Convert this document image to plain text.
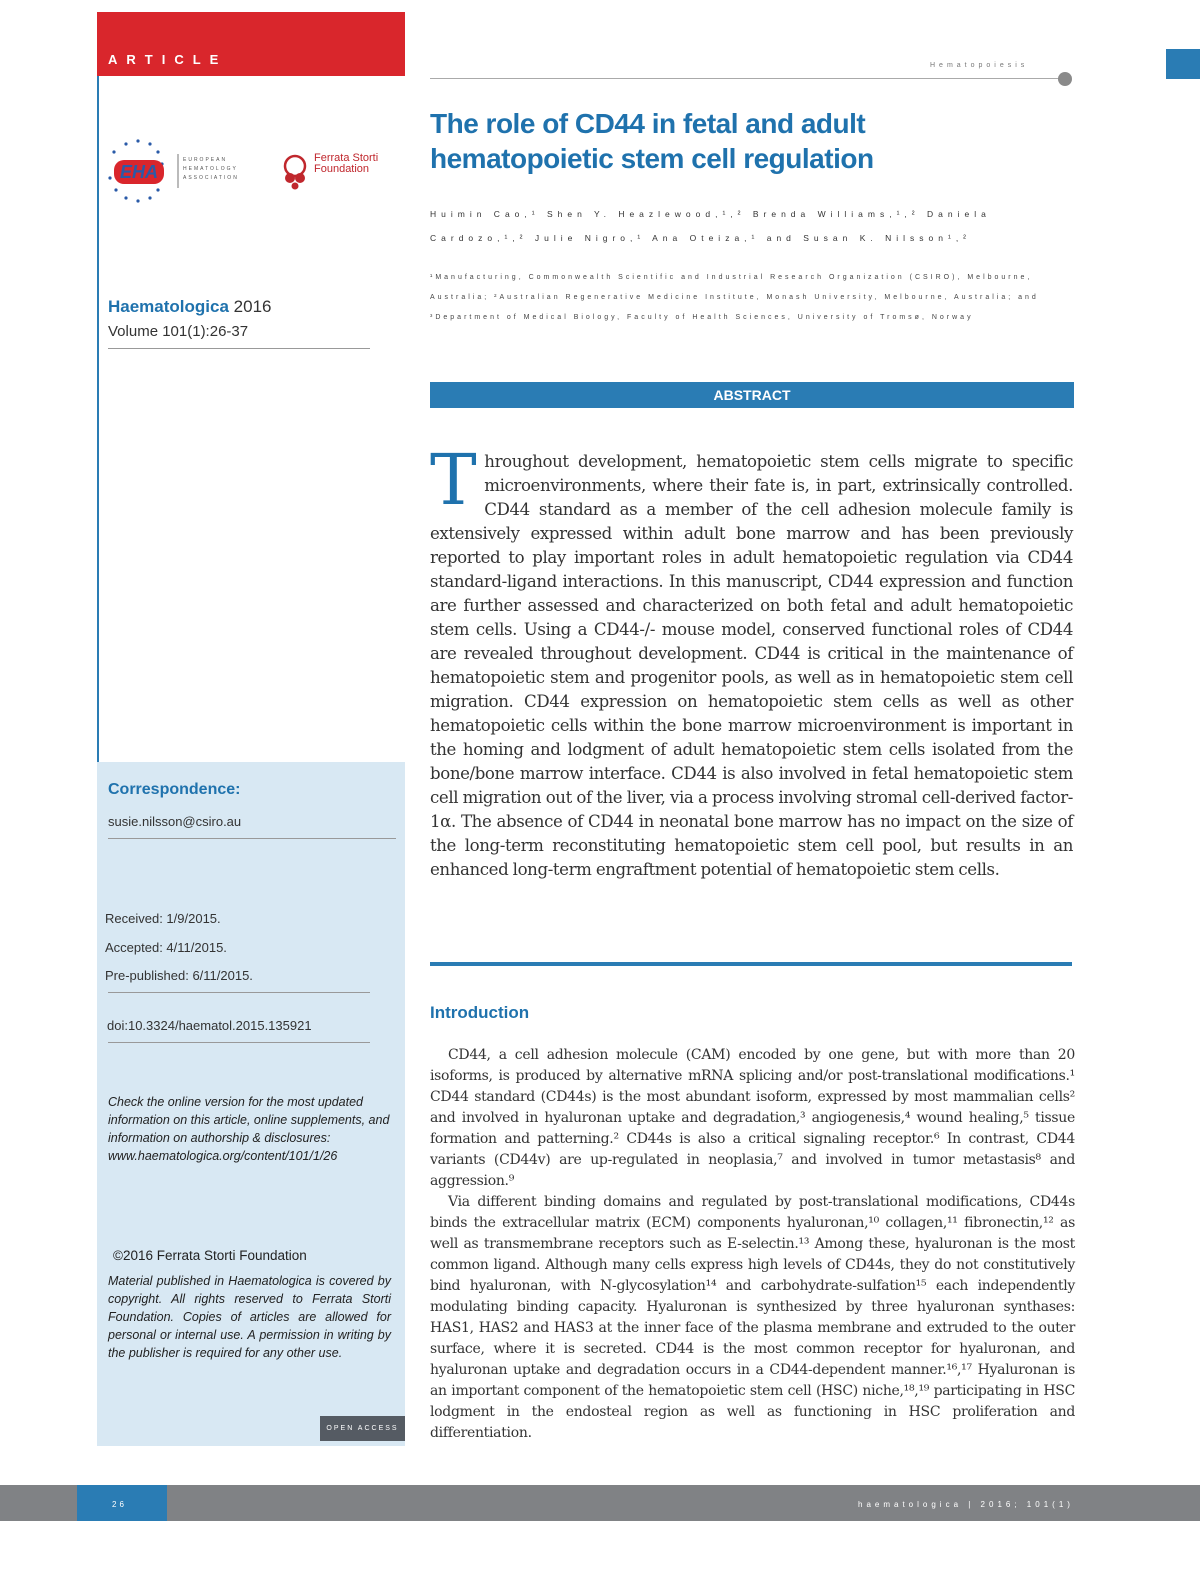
ARTICLE
EHA
EUROPEAN HEMATOLOGY ASSOCIATION
Ferrata Storti
Foundation
Haematologica 2016
Volume 101(1):26-37
Correspondence:
susie.nilsson@csiro.au
Received: 1/9/2015.
Accepted: 4/11/2015.
Pre-published: 6/11/2015.
doi:10.3324/haematol.2015.135921
Check the online version for the most updated information on this article, online supplements, and information on authorship & disclosures: www.haematologica.org/content/101/1/26
©2016 Ferrata Storti Foundation
Material published in Haematologica is covered by copyright. All rights reserved to Ferrata Storti Foundation. Copies of articles are allowed for personal or internal use. A permission in writing by the publisher is required for any other use.
OPEN ACCESS
Hematopoiesis
The role of CD44 in fetal and adult hematopoietic stem cell regulation
Huimin Cao,¹ Shen Y. Heazlewood,¹,² Brenda Williams,¹,² Daniela Cardozo,¹,² Julie Nigro,¹ Ana Oteiza,¹ and Susan K. Nilsson¹,²
¹Manufacturing, Commonwealth Scientific and Industrial Research Organization (CSIRO), Melbourne, Australia; ²Australian Regenerative Medicine Institute, Monash University, Melbourne, Australia; and ³Department of Medical Biology, Faculty of Health Sciences, University of Tromsø, Norway
ABSTRACT
T hroughout development, hematopoietic stem cells migrate to specific microenvironments, where their fate is, in part, extrinsically controlled. CD44 standard as a member of the cell adhesion molecule family is extensively expressed within adult bone marrow and has been previously reported to play important roles in adult hematopoietic regulation via CD44 standard-ligand interactions. In this manuscript, CD44 expression and function are further assessed and characterized on both fetal and adult hematopoietic stem cells. Using a CD44-/- mouse model, conserved functional roles of CD44 are revealed throughout development. CD44 is critical in the maintenance of hematopoietic stem and progenitor pools, as well as in hematopoietic stem cell migration. CD44 expression on hematopoietic stem cells as well as other hematopoietic cells within the bone marrow microenvironment is important in the homing and lodgment of adult hematopoietic stem cells isolated from the bone/bone marrow interface. CD44 is also involved in fetal hematopoietic stem cell migration out of the liver, via a process involving stromal cell-derived factor-1α. The absence of CD44 in neonatal bone marrow has no impact on the size of the long-term reconstituting hematopoietic stem cell pool, but results in an enhanced long-term engraftment potential of hematopoietic stem cells.
Introduction

CD44, a cell adhesion molecule (CAM) encoded by one gene, but with more than 20 isoforms, is produced by alternative mRNA splicing and/or post-translational modifications.¹ CD44 standard (CD44s) is the most abundant isoform, expressed by most mammalian cells² and involved in hyaluronan uptake and degradation,³ angiogenesis,⁴ wound healing,⁵ tissue formation and patterning.² CD44s is also a critical signaling receptor.⁶ In contrast, CD44 variants (CD44v) are up-regulated in neoplasia,⁷ and involved in tumor metastasis⁸ and aggression.⁹

Via different binding domains and regulated by post-translational modifications, CD44s binds the extracellular matrix (ECM) components hyaluronan,¹⁰ collagen,¹¹ fibronectin,¹² as well as transmembrane receptors such as E-selectin.¹³ Among these, hyaluronan is the most common ligand. Although many cells express high levels of CD44s, they do not constitutively bind hyaluronan, with N-glycosylation¹⁴ and carbohydrate-sulfation¹⁵ each independently modulating binding capacity. Hyaluronan is synthesized by three hyaluronan synthases: HAS1, HAS2 and HAS3 at the inner face of the plasma membrane and extruded to the outer surface, where it is secreted. CD44 is the most common receptor for hyaluronan, and hyaluronan uptake and degradation occurs in a CD44-dependent manner.¹⁶,¹⁷ Hyaluronan is an important component of the hematopoietic stem cell (HSC) niche,¹⁸,¹⁹ participating in HSC lodgment in the endosteal region as well as functioning in HSC proliferation and differentiation.

26	haematologica | 2016; 101(1)
